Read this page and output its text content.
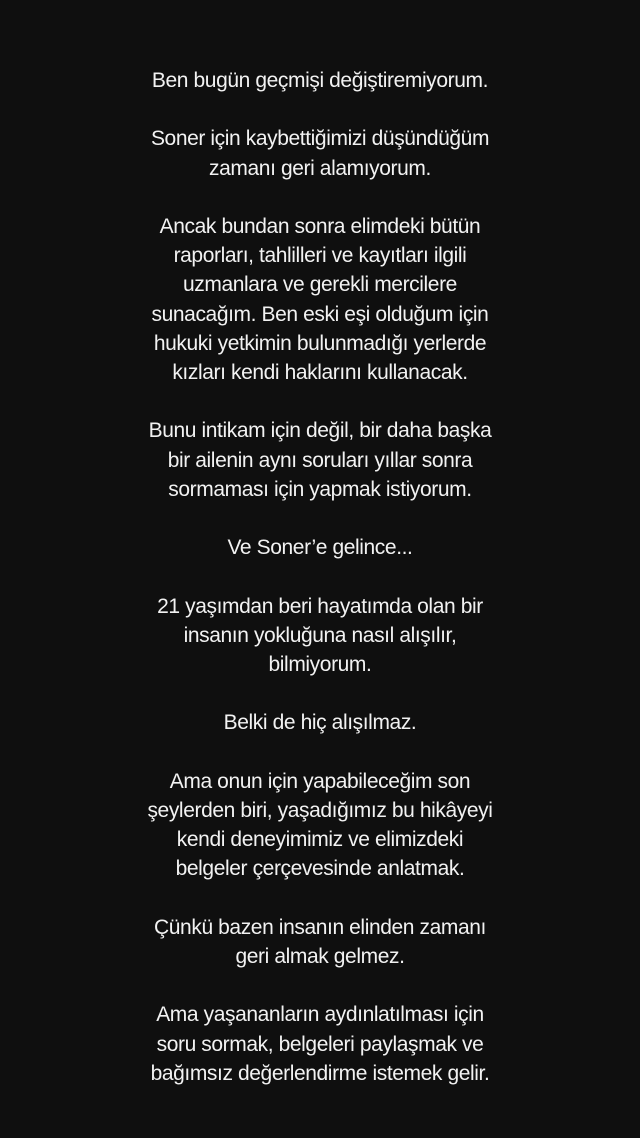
Ben bugün geçmişi değiştiremiyorum.

Soner için kaybettiğimizi düşündüğüm
zamanı geri alamıyorum.

Ancak bundan sonra elimdeki bütün
raporları, tahlilleri ve kayıtları ilgili
uzmanlara ve gerekli mercilere
sunacağım. Ben eski eşi olduğum için
hukuki yetkimin bulunmadığı yerlerde
kızları kendi haklarını kullanacak.

Bunu intikam için değil, bir daha başka
bir ailenin aynı soruları yıllar sonra
sormaması için yapmak istiyorum.

Ve Soner’e gelince...

21 yaşımdan beri hayatımda olan bir
insanın yokluğuna nasıl alışılır,
bilmiyorum.

Belki de hiç alışılmaz.

Ama onun için yapabileceğim son
şeylerden biri, yaşadığımız bu hikâyeyi
kendi deneyimimiz ve elimizdeki
belgeler çerçevesinde anlatmak.

Çünkü bazen insanın elinden zamanı
geri almak gelmez.

Ama yaşananların aydınlatılması için
soru sormak, belgeleri paylaşmak ve
bağımsız değerlendirme istemek gelir.
